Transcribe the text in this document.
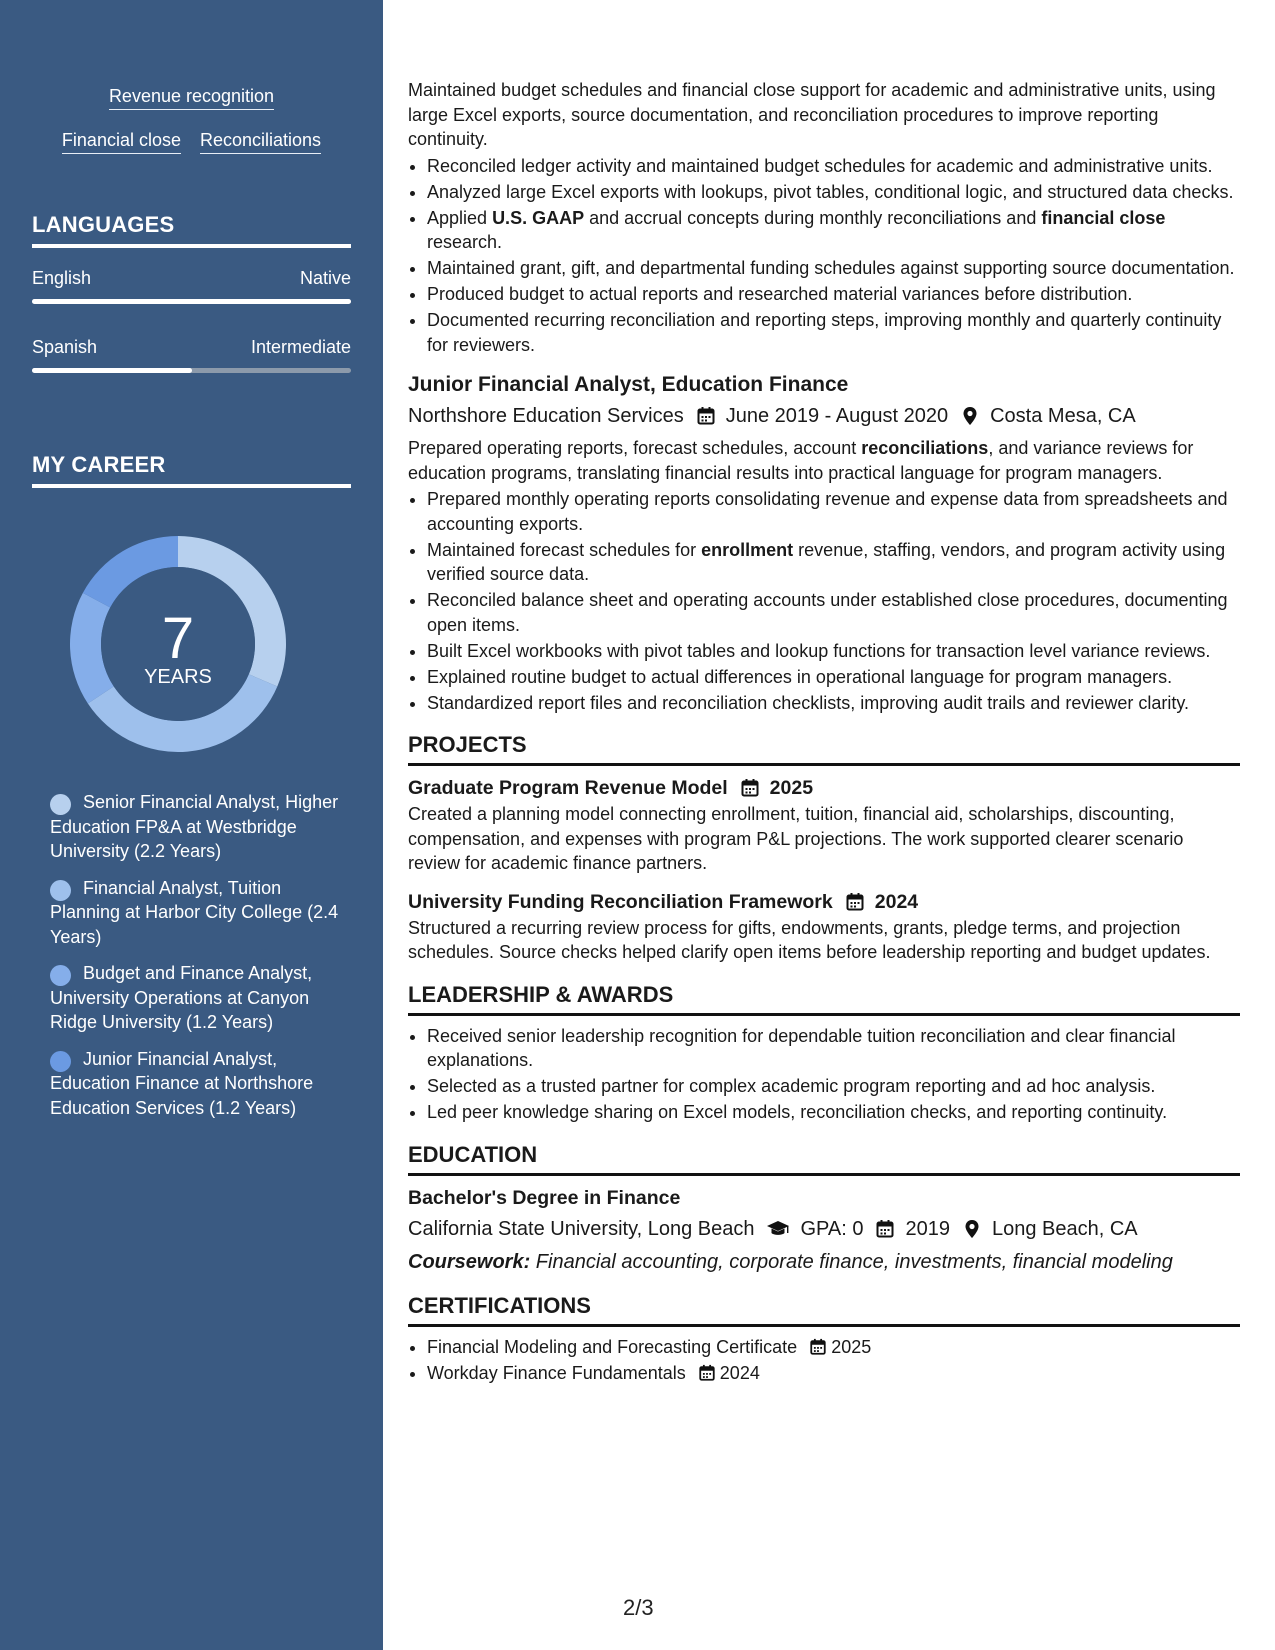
Revenue recognition
Financial close Reconciliations
LANGUAGES
English	Native
Spanish	Intermediate
MY CAREER
7
YEARS
Senior Financial Analyst, Higher Education FP&A at Westbridge University (2.2 Years)
Financial Analyst, Tuition Planning at Harbor City College (2.4 Years)
Budget and Finance Analyst, University Operations at Canyon Ridge University (1.2 Years)
Junior Financial Analyst, Education Finance at Northshore Education Services (1.2 Years)

Maintained budget schedules and financial close support for academic and administrative units, using large Excel exports, source documentation, and reconciliation procedures to improve reporting continuity.

• Reconciled ledger activity and maintained budget schedules for academic and administrative units.
• Analyzed large Excel exports with lookups, pivot tables, conditional logic, and structured data checks.
• Applied U.S. GAAP and accrual concepts during monthly reconciliations and financial close research.
• Maintained grant, gift, and departmental funding schedules against supporting source documentation.
• Produced budget to actual reports and researched material variances before distribution.
• Documented recurring reconciliation and reporting steps, improving monthly and quarterly continuity for reviewers.
Junior Financial Analyst, Education Finance
Northshore Education Services June 2019 - August 2020 Costa Mesa, CA

Prepared operating reports, forecast schedules, account reconciliations, and variance reviews for education programs, translating financial results into practical language for program managers.

• Prepared monthly operating reports consolidating revenue and expense data from spreadsheets and accounting exports.
• Maintained forecast schedules for enrollment revenue, staffing, vendors, and program activity using verified source data.
• Reconciled balance sheet and operating accounts under established close procedures, documenting open items.
• Built Excel workbooks with pivot tables and lookup functions for transaction level variance reviews.
• Explained routine budget to actual differences in operational language for program managers.
• Standardized report files and reconciliation checklists, improving audit trails and reviewer clarity.
PROJECTS
Graduate Program Revenue Model 2025

Created a planning model connecting enrollment, tuition, financial aid, scholarships, discounting, compensation, and expenses with program P&L projections. The work supported clearer scenario review for academic finance partners.

University Funding Reconciliation Framework 2024

Structured a recurring review process for gifts, endowments, grants, pledge terms, and projection schedules. Source checks helped clarify open items before leadership reporting and budget updates.

LEADERSHIP & AWARDS
• Received senior leadership recognition for dependable tuition reconciliation and clear financial explanations.
• Selected as a trusted partner for complex academic program reporting and ad hoc analysis.
• Led peer knowledge sharing on Excel models, reconciliation checks, and reporting continuity.
EDUCATION
Bachelor's Degree in Finance
California State University, Long Beach GPA: 0 2019 Long Beach, CA
Coursework: Financial accounting, corporate finance, investments, financial modeling
CERTIFICATIONS
• Financial Modeling and Forecasting Certificate 2025
• Workday Finance Fundamentals 2024
2/3
